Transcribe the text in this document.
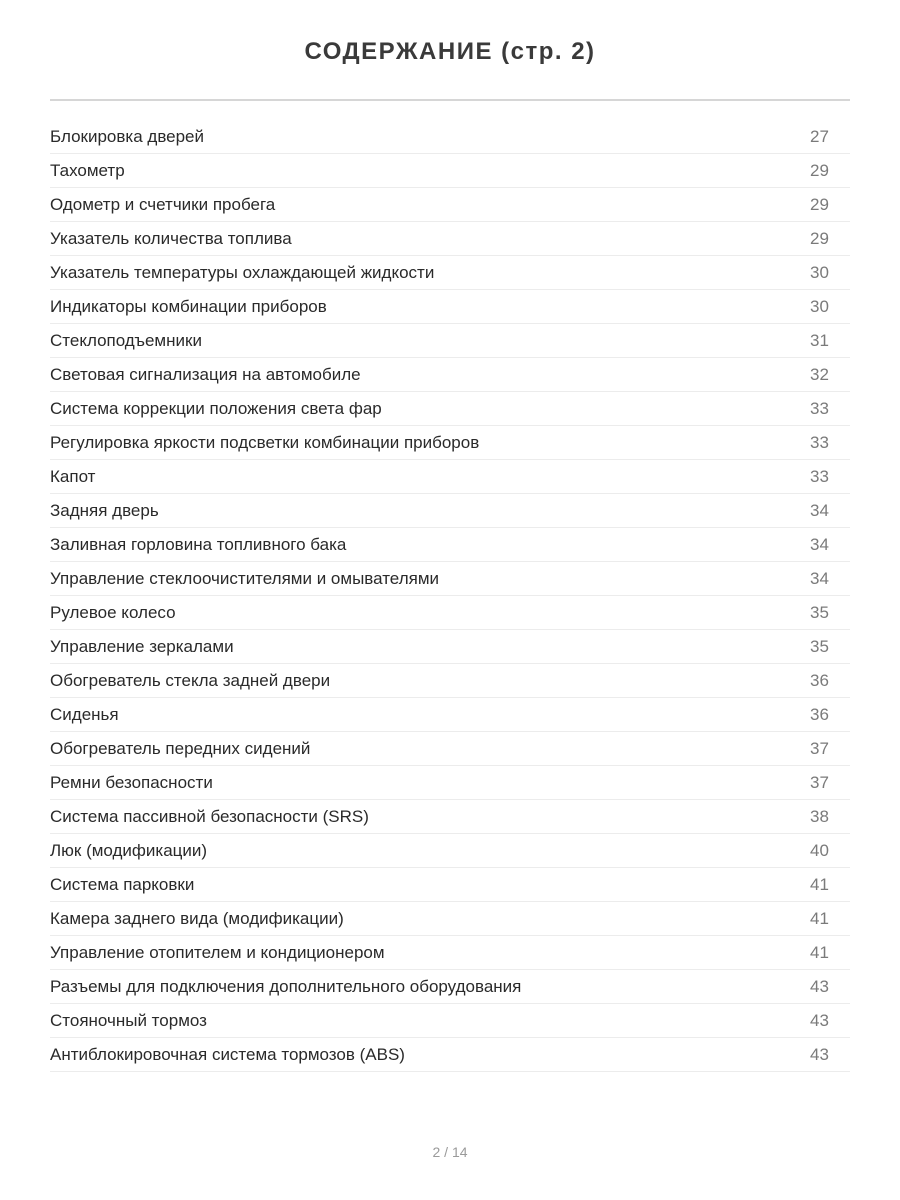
СОДЕРЖАНИЕ (стр. 2)
Блокировка дверей	27
Тахометр	29
Одометр и счетчики пробега	29
Указатель количества топлива	29
Указатель температуры охлаждающей жидкости	30
Индикаторы комбинации приборов	30
Стеклоподъемники	31
Световая сигнализация на автомобиле	32
Система коррекции положения света фар	33
Регулировка яркости подсветки комбинации приборов	33
Капот	33
Задняя дверь	34
Заливная горловина топливного бака	34
Управление стеклоочистителями и омывателями	34
Рулевое колесо	35
Управление зеркалами	35
Обогреватель стекла задней двери	36
Сиденья	36
Обогреватель передних сидений	37
Ремни безопасности	37
Система пассивной безопасности (SRS)	38
Люк (модификации)	40
Система парковки	41
Камера заднего вида (модификации)	41
Управление отопителем и кондиционером	41
Разъемы для подключения дополнительного оборудования	43
Стояночный тормоз	43
Антиблокировочная система тормозов (ABS)	43
2 / 14
